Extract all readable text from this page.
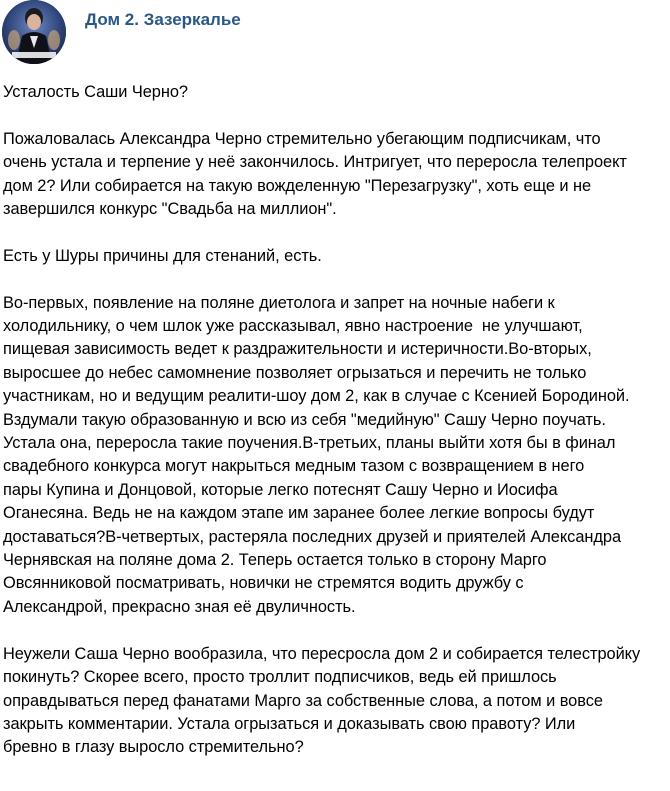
Дом 2. Зазеркалье

Усталость Саши Черно?

Пожаловалась Александра Черно стремительно убегающим подписчикам, что
очень устала и терпение у неё закончилось. Интригует, что переросла телепроект
дом 2? Или собирается на такую вожделенную "Перезагрузку", хоть еще и не
завершился конкурс "Свадьба на миллион".

Есть у Шуры причины для стенаний, есть.

Во-первых, появление на поляне диетолога и запрет на ночные набеги к
холодильнику, о чем шлок уже рассказывал, явно настроение  не улучшают,
пищевая зависимость ведет к раздражительности и истеричности.Во-вторых,
выросшее до небес самомнение позволяет огрызаться и перечить не только
участникам, но и ведущим реалити-шоу дом 2, как в случае с Ксенией Бородиной.
Вздумали такую образованную и всю из себя "медийную" Сашу Черно поучать.
Устала она, переросла такие поучения.В-третьих, планы выйти хотя бы в финал
свадебного конкурса могут накрыться медным тазом с возвращением в него
пары Купина и Донцовой, которые легко потеснят Сашу Черно и Иосифа
Оганесяна. Ведь не на каждом этапе им заранее более легкие вопросы будут
доставаться?В-четвертых, растеряла последних друзей и приятелей Александра
Чернявская на поляне дома 2. Теперь остается только в сторону Марго
Овсянниковой посматривать, новички не стремятся водить дружбу с
Александрой, прекрасно зная её двуличность.

Неужели Саша Черно вообразила, что пересросла дом 2 и собирается телестройку
покинуть? Скорее всего, просто троллит подписчиков, ведь ей пришлось
оправдываться перед фанатами Марго за собственные слова, а потом и вовсе
закрыть комментарии. Устала огрызаться и доказывать свою правоту? Или
бревно в глазу выросло стремительно?
